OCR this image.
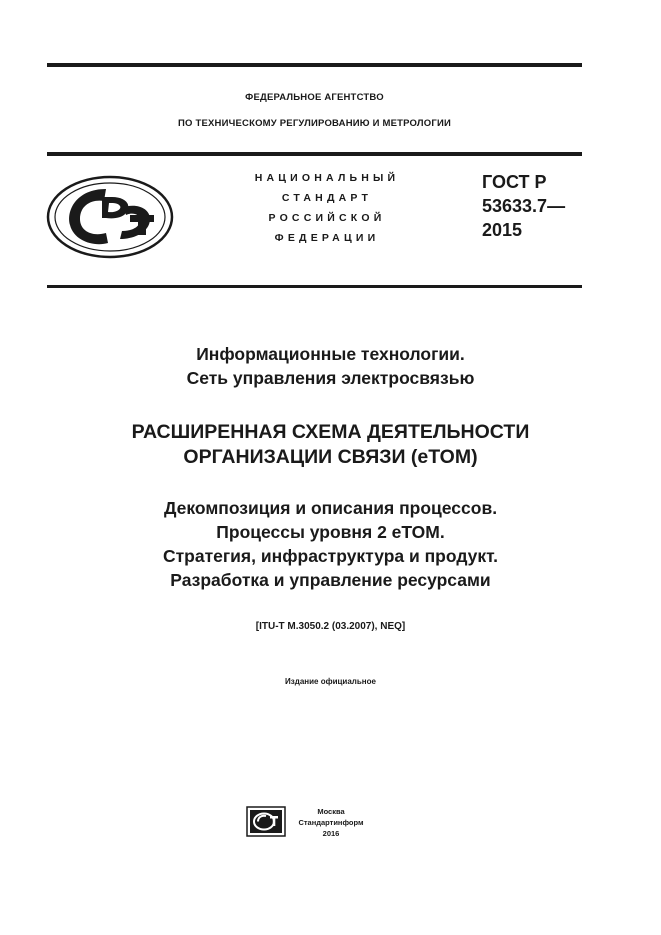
ФЕДЕРАЛЬНОЕ АГЕНТСТВО
ПО ТЕХНИЧЕСКОМУ РЕГУЛИРОВАНИЮ И МЕТРОЛОГИИ
НАЦИОНАЛЬНЫЙ
СТАНДАРТ
РОССИЙСКОЙ
ФЕДЕРАЦИИ
ГОСТ Р
53633.7—
2015
Информационные технологии.
Сеть управления электросвязью
РАСШИРЕННАЯ СХЕМА ДЕЯТЕЛЬНОСТИ
ОРГАНИЗАЦИИ СВЯЗИ (еТОМ)
Декомпозиция и описания процессов.
Процессы уровня 2 еТОМ.
Стратегия, инфраструктура и продукт.
Разработка и управление ресурсами
[ITU-T M.3050.2 (03.2007), NEQ]
Издание официальное
Москва
Стандартинформ
2016
